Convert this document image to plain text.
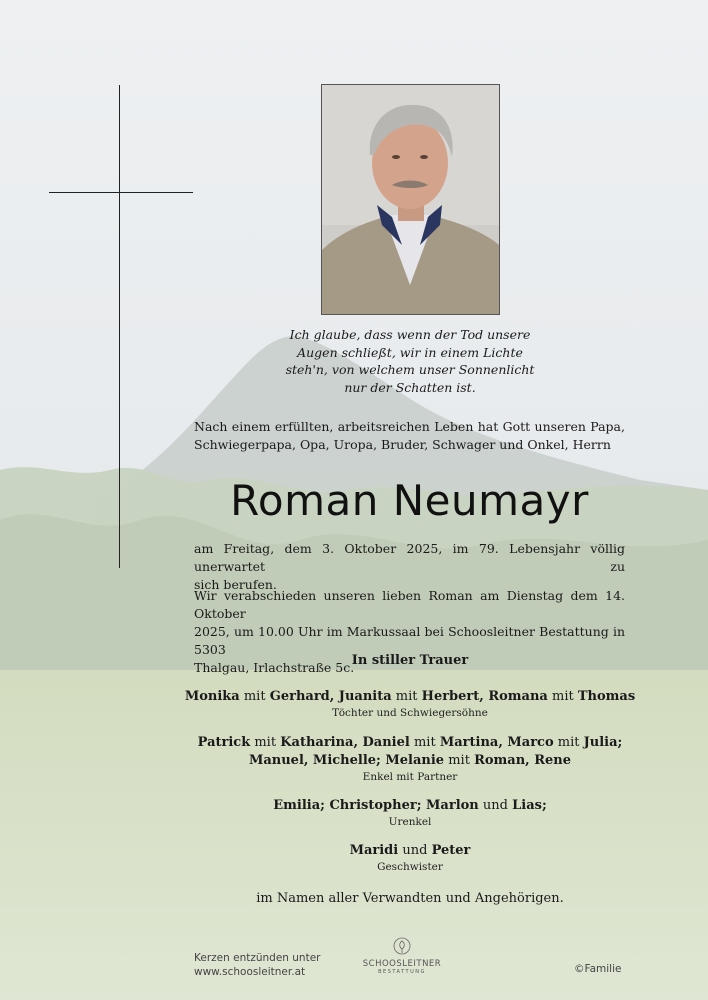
Ich glaube, dass wenn der Tod unsere
Augen schließt, wir in einem Lichte
steh'n, von welchem unser Sonnenlicht
nur der Schatten ist.
Nach einem erfüllten, arbeitsreichen Leben hat Gott unseren Papa,
Schwiegerpapa, Opa, Uropa, Bruder, Schwager und Onkel, Herrn
Roman Neumayr
am Freitag, dem 3. Oktober 2025, im 79. Lebensjahr völlig unerwartet zu
sich berufen.
Wir verabschieden unseren lieben Roman am Dienstag dem 14. Oktober
2025, um 10.00 Uhr im Markussaal bei Schoosleitner Bestattung in 5303
Thalgau, Irlachstraße 5c.
In stiller Trauer
Monika mit Gerhard, Juanita mit Herbert, Romana mit Thomas
Töchter und Schwiegersöhne
Patrick mit Katharina, Daniel mit Martina, Marco mit Julia;
Manuel, Michelle; Melanie mit Roman, Rene
Enkel mit Partner
Emilia; Christopher; Marlon und Lias;
Urenkel
Maridi und Peter
Geschwister
im Namen aller Verwandten und Angehörigen.
Kerzen entzünden unter
www.schoosleitner.at
SCHOOSLEITNER
BESTATTUNG	©Familie
